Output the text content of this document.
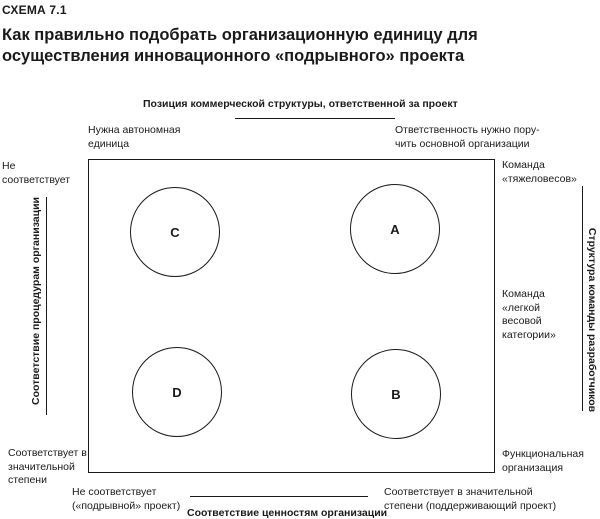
СХЕМА 7.1
Как правильно подобрать организационную единицу для осуществления инновационного «подрывного» проекта
Позиция коммерческой структуры, ответственной за проект
Нужна автономная единица
Ответственность нужно пору-чить основной организации
Не соответствует
Соответствие процедурам организации
Соответствует в значительной степени
C	A
D	B
Команда «тяжеловесов»
Команда «легкой весовой категории»
Функциональная организация
Структура команды разработчиков
Не соответствует («подрывной» проект)
Соответствие ценностям организации
Соответствует в значительной степени (поддерживающий проект)
